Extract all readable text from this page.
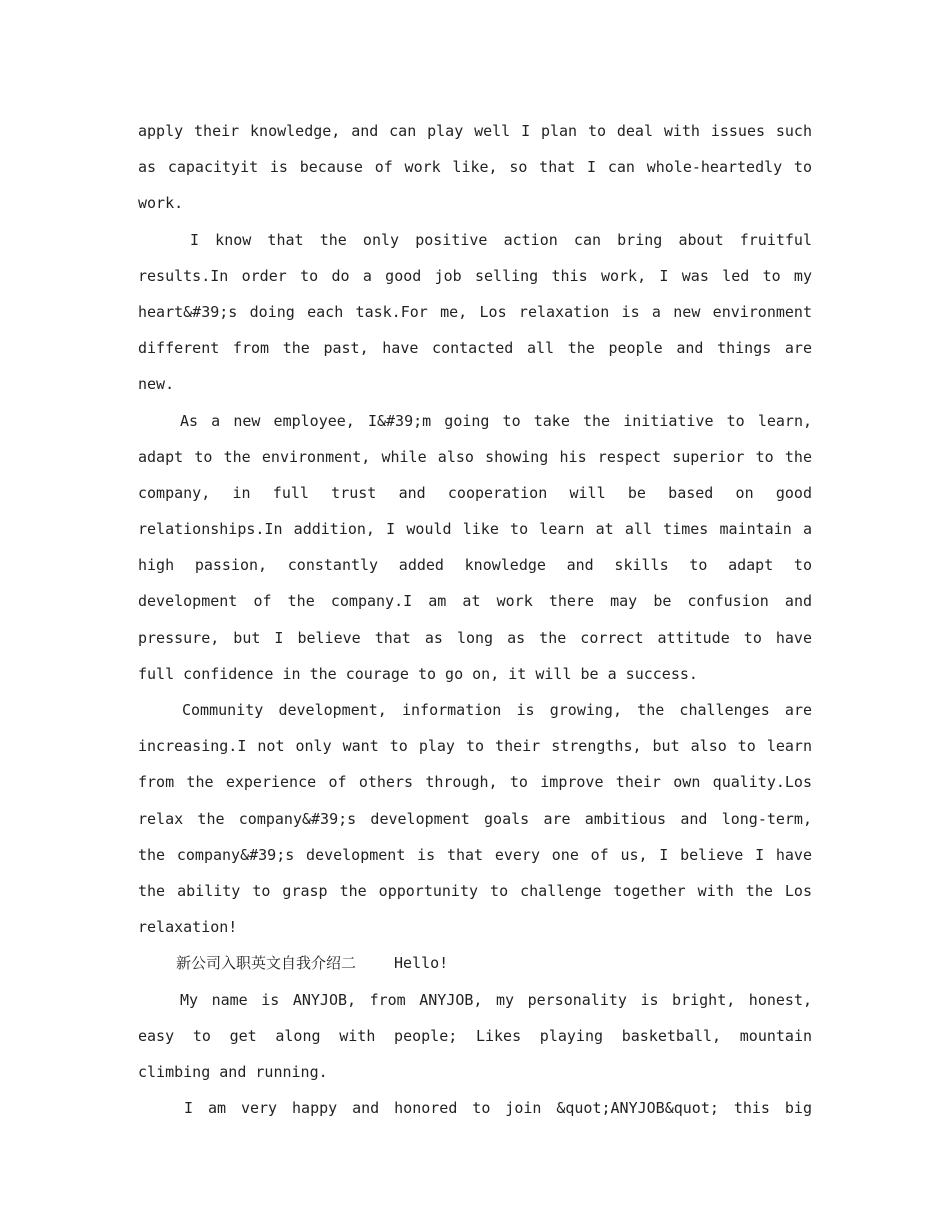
apply their knowledge, and can play well I plan to deal with issues such
as capacityit is because of work like, so that I can whole-heartedly to
work.
I know that the only positive action can bring about fruitful
results.In order to do a good job selling this work, I was led to my
heart&#39;s doing each task.For me, Los relaxation is a new environment
different from the past, have contacted all the people and things are
new.
As a new employee, I&#39;m going to take the initiative to learn,
adapt to the environment, while also showing his respect superior to the
company, in full trust and cooperation will be based on good
relationships.In addition, I would like to learn at all times maintain a
high passion, constantly added knowledge and skills to adapt to
development of the company.I am at work there may be confusion and
pressure, but I believe that as long as the correct attitude to have
full confidence in the courage to go on, it will be a success.
Community development, information is growing, the challenges are
increasing.I not only want to play to their strengths, but also to learn
from the experience of others through, to improve their own quality.Los
relax the company&#39;s development goals are ambitious and long-term,
the company&#39;s development is that every one of us, I believe I have
the ability to grasp the opportunity to challenge together with the Los
relaxation!
新公司入职英文自我介绍二	Hello!
My name is ANYJOB, from ANYJOB, my personality is bright, honest,
easy to get along with people; Likes playing basketball, mountain
climbing and running.
I am very happy and honored to join &quot;ANYJOB&quot; this big
